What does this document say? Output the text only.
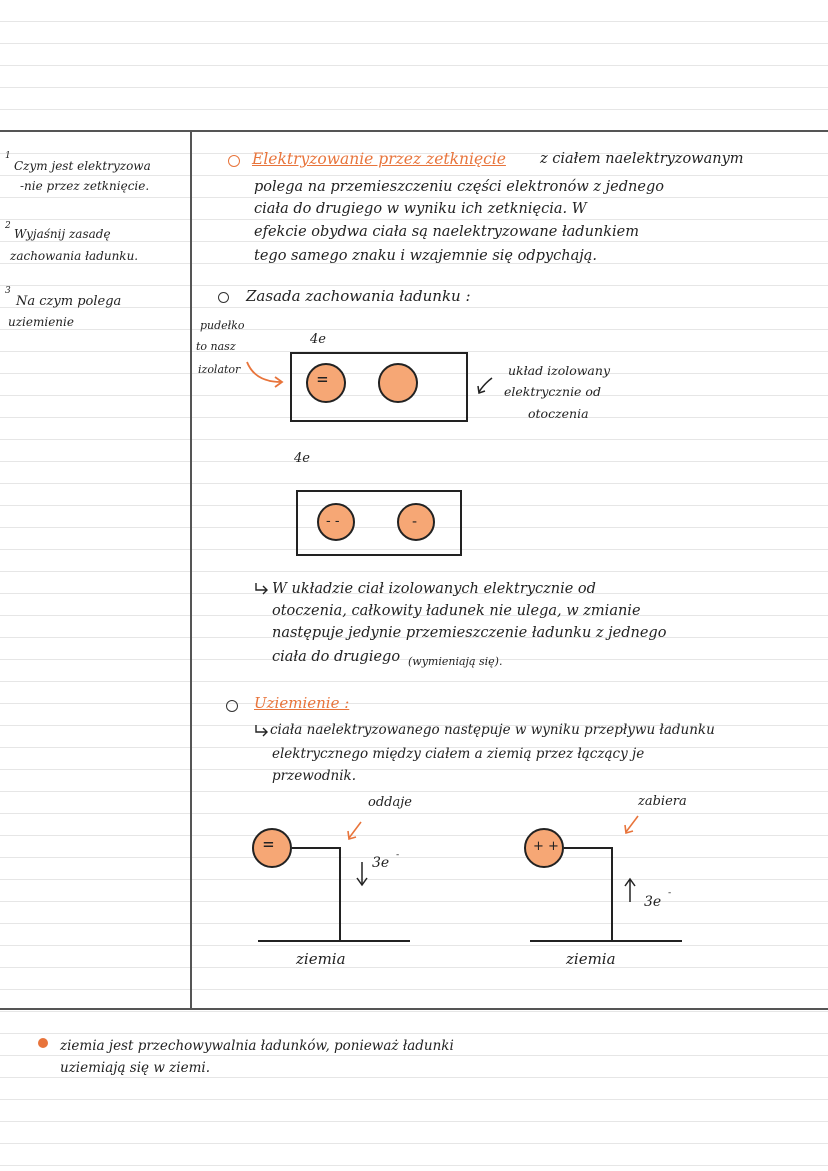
1
Czym jest elektryzowa
-nie przez zetknięcie.
2
Wyjaśnij zasadę
zachowania ładunku.
3
Na czym polega
uziemienie
Elektryzowanie przez zetknięcie z ciałem naelektryzowanym
polega na przemieszczeniu części elektronów z jednego
ciała do drugiego w wyniku ich zetknięcia. W
efekcie obydwa ciała są naelektryzowane ładunkiem
tego samego znaku i wzajemnie się odpychają.
Zasada zachowania ładunku :
pudełko
to nasz
izolator
4e
=	układ izolowany
elektrycznie od
otoczenia
4e
- -	-
W układzie ciał izolowanych elektrycznie od
otoczenia, całkowity ładunek nie ulega, w zmianie
następuje jedynie przemieszczenie ładunku z jednego
ciała do drugiego (wymieniają się).
Uziemienie :
ciała naelektryzowanego następuje w wyniku przepływu ładunku
elektrycznego między ciałem a ziemią przez łączący je
przewodnik.
oddaje
=
3e -
ziemia
zabiera
+ +
3e
-
ziemia
ziemia jest przechowywalnia ładunków, ponieważ ładunki
uziemiają się w ziemi.
